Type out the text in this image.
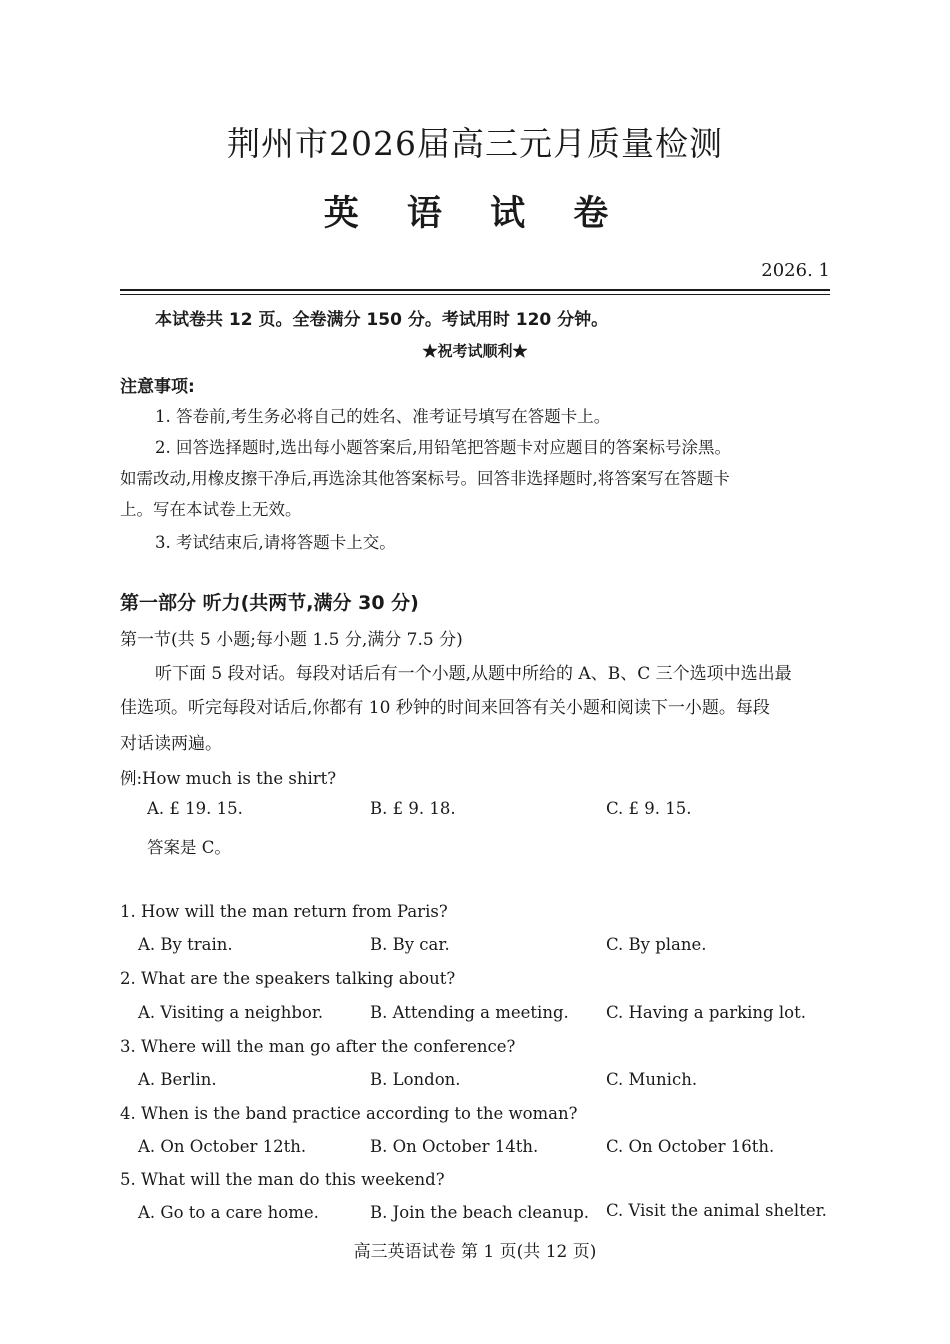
荆州市2026届高三元月质量检测
英 语 试 卷
2026. 1
本试卷共 12 页。全卷满分 150 分。考试用时 120 分钟。
★祝考试顺利★
注意事项:
1. 答卷前,考生务必将自己的姓名、准考证号填写在答题卡上。
2. 回答选择题时,选出每小题答案后,用铅笔把答题卡对应题目的答案标号涂黑。
如需改动,用橡皮擦干净后,再选涂其他答案标号。回答非选择题时,将答案写在答题卡
上。写在本试卷上无效。
3. 考试结束后,请将答题卡上交。
第一部分 听力(共两节,满分 30 分)
第一节(共 5 小题;每小题 1.5 分,满分 7.5 分)
听下面 5 段对话。每段对话后有一个小题,从题中所给的 A、B、C 三个选项中选出最
佳选项。听完每段对话后,你都有 10 秒钟的时间来回答有关小题和阅读下一小题。每段
对话读两遍。
例:How much is the shirt?
A. £ 19. 15.	B. £ 9. 18.	C. £ 9. 15.
答案是 C。
1. How will the man return from Paris?
A. By train.	B. By car.	C. By plane.
2. What are the speakers talking about?
A. Visiting a neighbor.	B. Attending a meeting. C. Having a parking lot.
3. Where will the man go after the conference?
A. Berlin.	B. London.	C. Munich.
4. When is the band practice according to the woman?
A. On October 12th.	B. On October 14th.	C. On October 16th.
5. What will the man do this weekend?
A. Go to a care home.	B. Join the beach cleanup. C. Visit the animal shelter.
高三英语试卷 第 1 页(共 12 页)
